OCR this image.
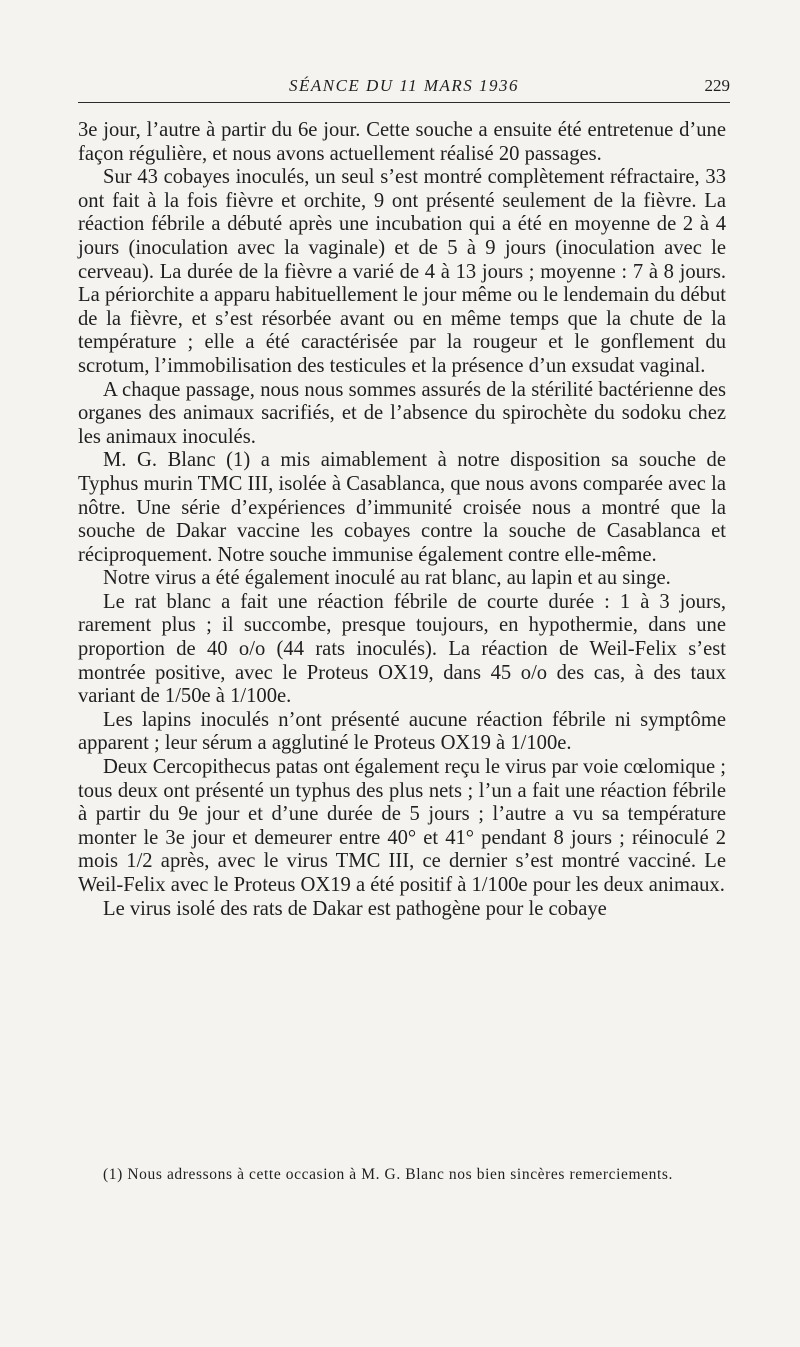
SÉANCE DU 11 MARS 1936	229

3e jour, l’autre à partir du 6e jour. Cette souche a ensuite été entretenue d’une façon régulière, et nous avons actuellement réalisé 20 passages.

Sur 43 cobayes inoculés, un seul s’est montré complètement réfractaire, 33 ont fait à la fois fièvre et orchite, 9 ont présenté seulement de la fièvre. La réaction fébrile a débuté après une incubation qui a été en moyenne de 2 à 4 jours (inoculation avec la vaginale) et de 5 à 9 jours (inoculation avec le cerveau). La durée de la fièvre a varié de 4 à 13 jours ; moyenne : 7 à 8 jours. La périorchite a apparu habituellement le jour même ou le lendemain du début de la fièvre, et s’est résorbée avant ou en même temps que la chute de la température ; elle a été caractérisée par la rougeur et le gonflement du scrotum, l’immobilisation des testicules et la présence d’un exsudat vaginal.

A chaque passage, nous nous sommes assurés de la stérilité bactérienne des organes des animaux sacrifiés, et de l’absence du spirochète du sodoku chez les animaux inoculés.

M. G. Blanc (1) a mis aimablement à notre disposition sa souche de Typhus murin TMC III, isolée à Casablanca, que nous avons comparée avec la nôtre. Une série d’expériences d’immunité croisée nous a montré que la souche de Dakar vaccine les cobayes contre la souche de Casablanca et réciproquement. Notre souche immunise également contre elle-même.

Notre virus a été également inoculé au rat blanc, au lapin et au singe.

Le rat blanc a fait une réaction fébrile de courte durée : 1 à 3 jours, rarement plus ; il succombe, presque toujours, en hypothermie, dans une proportion de 40 o/o (44 rats inoculés). La réaction de Weil-Felix s’est montrée positive, avec le Proteus OX19, dans 45 o/o des cas, à des taux variant de 1/50e à 1/100e.

Les lapins inoculés n’ont présenté aucune réaction fébrile ni symptôme apparent ; leur sérum a agglutiné le Proteus OX19 à 1/100e.

Deux Cercopithecus patas ont également reçu le virus par voie cœlomique ; tous deux ont présenté un typhus des plus nets ; l’un a fait une réaction fébrile à partir du 9e jour et d’une durée de 5 jours ; l’autre a vu sa température monter le 3e jour et demeurer entre 40° et 41° pendant 8 jours ; réinoculé 2 mois 1/2 après, avec le virus TMC III, ce dernier s’est montré vacciné. Le Weil-Felix avec le Proteus OX19 a été positif à 1/100e pour les deux animaux.

Le virus isolé des rats de Dakar est pathogène pour le cobaye

(1) Nous adressons à cette occasion à M. G. Blanc nos bien sincères remerciements.
